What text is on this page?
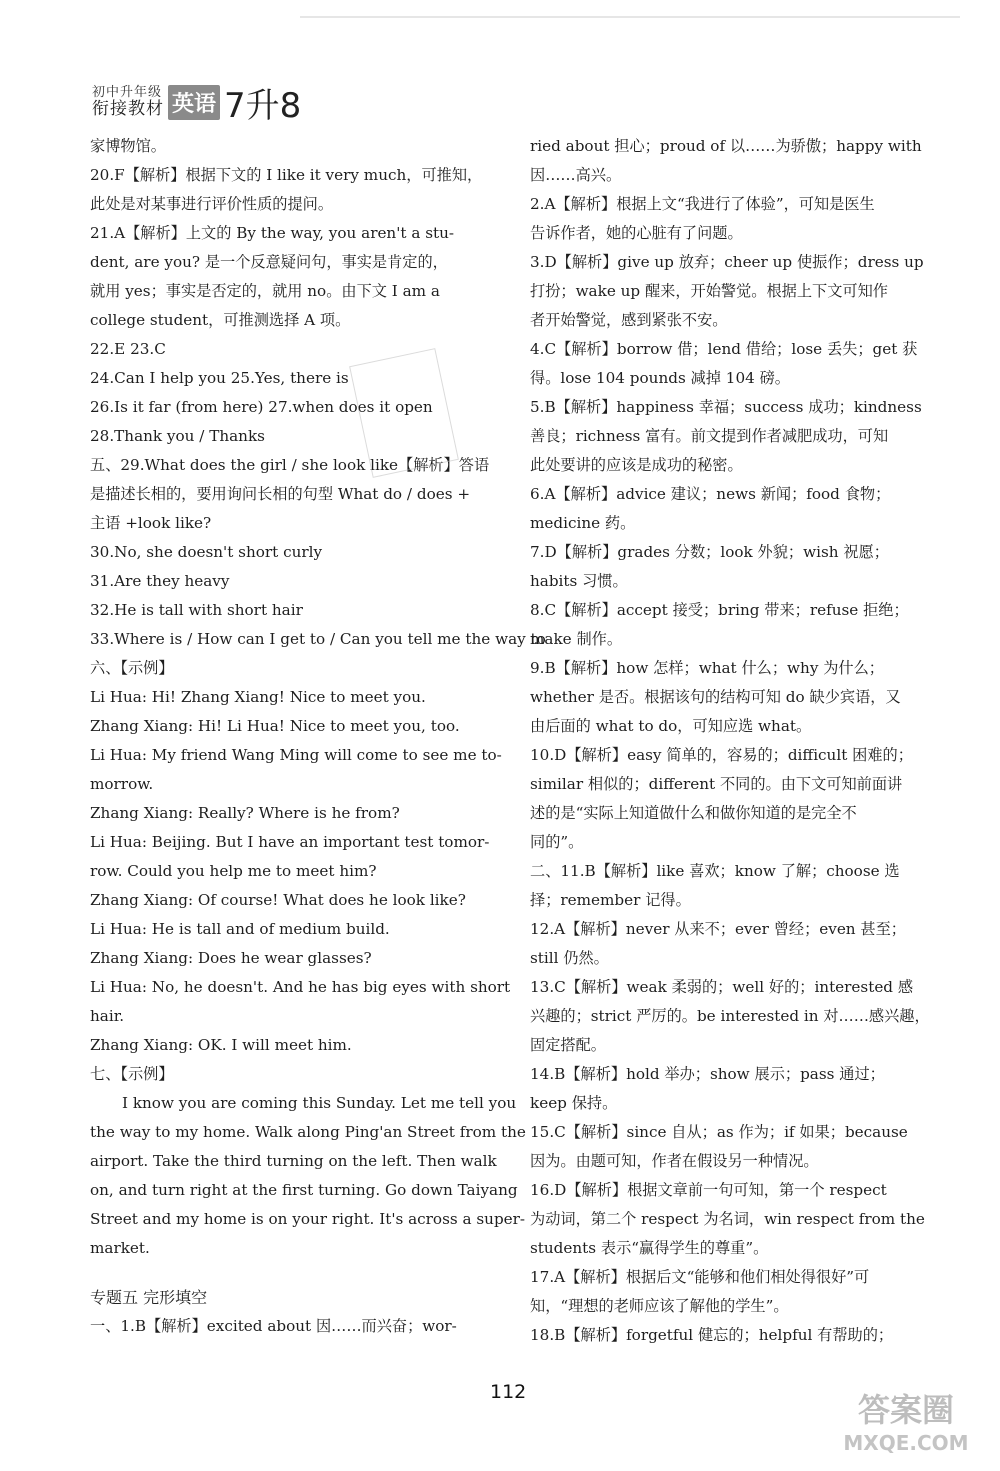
初中升年级
衔接教材 英语 7升8
家博物馆。
20.F【解析】根据下文的 I like it very much，可推知，
此处是对某事进行评价性质的提问。
21.A【解析】上文的 By the way, you aren't a stu-
dent, are you? 是一个反意疑问句，事实是肯定的，
就用 yes；事实是否定的，就用 no。由下文 I am a
college student，可推测选择 A 项。
22.E 23.C
24.Can I help you 25.Yes, there is
26.Is it far (from here) 27.when does it open
28.Thank you / Thanks
五、29.What does the girl / she look like【解析】答语
是描述长相的，要用询问长相的句型 What do / does +
主语 +look like?
30.No, she doesn't short curly
31.Are they heavy
32.He is tall with short hair
33.Where is / How can I get to / Can you tell me the way to
六、【示例】
Li Hua: Hi! Zhang Xiang! Nice to meet you.
Zhang Xiang: Hi! Li Hua! Nice to meet you, too.
Li Hua: My friend Wang Ming will come to see me to-
morrow.
Zhang Xiang: Really? Where is he from?
Li Hua: Beijing. But I have an important test tomor-
row. Could you help me to meet him?
Zhang Xiang: Of course! What does he look like?
Li Hua: He is tall and of medium build.
Zhang Xiang: Does he wear glasses?
Li Hua: No, he doesn't. And he has big eyes with short
hair.
Zhang Xiang: OK. I will meet him.
七、【示例】
I know you are coming this Sunday. Let me tell you
the way to my home. Walk along Ping'an Street from the
airport. Take the third turning on the left. Then walk
on, and turn right at the first turning. Go down Taiyang
Street and my home is on your right. It's across a super-
market.
专题五 完形填空
一、1.B【解析】excited about 因……而兴奋；wor-
ried about 担心；proud of 以……为骄傲；happy with
因……高兴。
2.A【解析】根据上文“我进行了体验”，可知是医生
告诉作者，她的心脏有了问题。
3.D【解析】give up 放弃；cheer up 使振作；dress up
打扮；wake up 醒来，开始警觉。根据上下文可知作
者开始警觉，感到紧张不安。
4.C【解析】borrow 借；lend 借给；lose 丢失；get 获
得。lose 104 pounds 减掉 104 磅。
5.B【解析】happiness 幸福；success 成功；kindness
善良；richness 富有。前文提到作者减肥成功，可知
此处要讲的应该是成功的秘密。
6.A【解析】advice 建议；news 新闻；food 食物；
medicine 药。
7.D【解析】grades 分数；look 外貌；wish 祝愿；
habits 习惯。
8.C【解析】accept 接受；bring 带来；refuse 拒绝；
make 制作。
9.B【解析】how 怎样；what 什么；why 为什么；
whether 是否。根据该句的结构可知 do 缺少宾语，又
由后面的 what to do，可知应选 what。
10.D【解析】easy 简单的，容易的；difficult 困难的；
similar 相似的；different 不同的。由下文可知前面讲
述的是“实际上知道做什么和做你知道的是完全不
同的”。
二、11.B【解析】like 喜欢；know 了解；choose 选
择；remember 记得。
12.A【解析】never 从来不；ever 曾经；even 甚至；
still 仍然。
13.C【解析】weak 柔弱的；well 好的；interested 感
兴趣的；strict 严厉的。be interested in 对……感兴趣，
固定搭配。
14.B【解析】hold 举办；show 展示；pass 通过；
keep 保持。
15.C【解析】since 自从；as 作为；if 如果；because
因为。由题可知，作者在假设另一种情况。
16.D【解析】根据文章前一句可知，第一个 respect
为动词，第二个 respect 为名词，win respect from the
students 表示“赢得学生的尊重”。
17.A【解析】根据后文“能够和他们相处得很好”可
知，“理想的老师应该了解他的学生”。
18.B【解析】forgetful 健忘的；helpful 有帮助的；
112	答案圈
MXQE.COM
